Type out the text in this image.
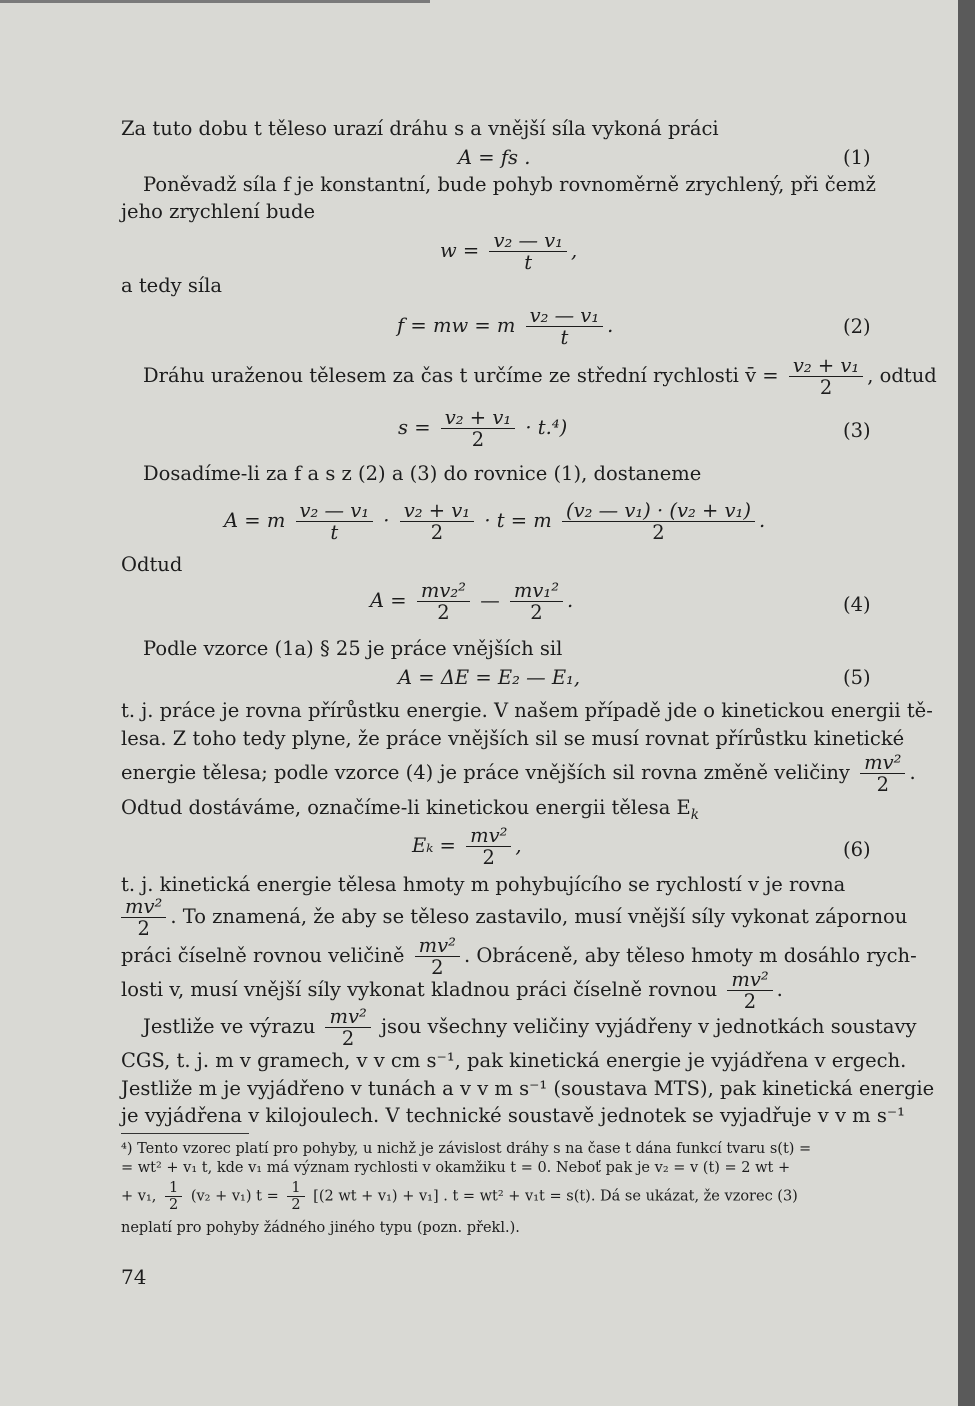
Za tuto dobu t těleso urazí dráhu s a vnější síla vykoná práci
A = fs .	(1)
Poněvadž síla f je konstantní, bude pohyb rovnoměrně zrychlený, při čemž
jeho zrychlení bude
$w = \frac{\text{v₂ — v₁}}{t}$ ,
a tedy síla
f = mw = m $\frac{\text{v₂ — v₁}}{t}$ .	(2)
Dráhu uraženou tělesem za čas t určíme ze střední rychlosti v̄ = $\frac{\text{v₂ + v₁}}{2}$ , odtud
$s = \frac{\text{v₂ + v₁}}{2} \cdot t.^4$)	(3)
Dosadíme-li za f a s z (2) a (3) do rovnice (1), dostaneme
A = m $\frac{\text{v₂ — v₁}}{t} \cdot \frac{\text{v₂ + v₁}}{2} \cdot t = m \frac{\text{(v₂ — v₁) · (v₂ + v₁)}}{2}$ .
Odtud
$A = \frac{\text{mv₂²}}{2}$ — $\frac{\text{mv₁²}}{2}$ .	(4)
Podle vzorce (1a) § 25 je práce vnějších sil
A = ΔE = E₂ — E₁,	(5)
t. j. práce je rovna přírůstku energie. V našem případě jde o kinetickou energii tě-
lesa. Z toho tedy plyne, že práce vnějších sil se musí rovnat přírůstku kinetické
energie tělesa; podle vzorce (4) je práce vnějších sil rovna změně veličiny $\frac{\text{mv²}}{2}$ .
Odtud dostáváme, označíme-li kinetickou energii tělesa $E_k$
$E_k = \frac{\text{mv²}}{2}$ ,	(6)
t. j. kinetická energie tělesa hmoty m pohybujícího se rychlostí v je rovna
$\frac{\text{mv²}}{2}$ . To znamená, že aby se těleso zastavilo, musí vnější síly vykonat zápornou
práci číselně rovnou veličině $\frac{\text{mv²}}{2}$ . Obráceně, aby těleso hmoty m dosáhlo rych-
losti v, musí vnější síly vykonat kladnou práci číselně rovnou $\frac{\text{mv²}}{2}$ .
Jestliže ve výrazu $\frac{\text{mv²}}{2}$ jsou všechny veličiny vyjádřeny v jednotkách soustavy
CGS, t. j. m v gramech, v v cm s⁻¹, pak kinetická energie je vyjádřena v ergech.
Jestliže m je vyjádřeno v tunách a v v m s⁻¹ (soustava MTS), pak kinetická energie
je vyjádřena v kilojoulech. V technické soustavě jednotek se vyjadřuje v v m s⁻¹
⁴) Tento vzorec platí pro pohyby, u nichž je závislost dráhy s na čase t dána funkcí tvaru s(t) =
= wt² + v₁ t, kde v₁ má význam rychlosti v okamžiku t = 0. Neboť pak je v₂ = v (t) = 2 wt +
+ v₁, $\frac{1}{2} (v_2 + v_1) t = \frac{1}{2} [(2$ wt + v₁) + v₁] . t = wt² + v₁t = s(t). Dá se ukázat, že vzorec (3)
neplatí pro pohyby žádného jiného typu (pozn. překl.).
74
